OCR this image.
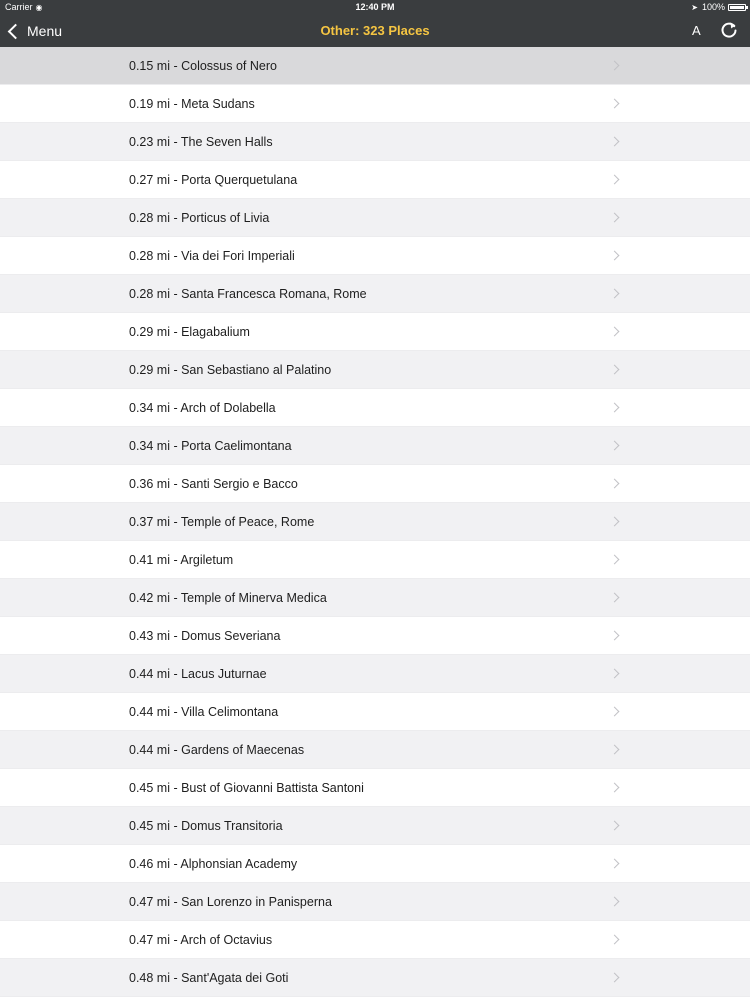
Carrier ◉	12:40 PM	➤ 100%
Menu	Other: 323 Places	A
0.15 mi - Colossus of Nero
0.19 mi - Meta Sudans
0.23 mi - The Seven Halls
0.27 mi - Porta Querquetulana
0.28 mi - Porticus of Livia
0.28 mi - Via dei Fori Imperiali
0.28 mi - Santa Francesca Romana, Rome
0.29 mi - Elagabalium
0.29 mi - San Sebastiano al Palatino
0.34 mi - Arch of Dolabella
0.34 mi - Porta Caelimontana
0.36 mi - Santi Sergio e Bacco
0.37 mi - Temple of Peace, Rome
0.41 mi - Argiletum
0.42 mi - Temple of Minerva Medica
0.43 mi - Domus Severiana
0.44 mi - Lacus Juturnae
0.44 mi - Villa Celimontana
0.44 mi - Gardens of Maecenas
0.45 mi - Bust of Giovanni Battista Santoni
0.45 mi - Domus Transitoria
0.46 mi - Alphonsian Academy
0.47 mi - San Lorenzo in Panisperna
0.47 mi - Arch of Octavius
0.48 mi - Sant'Agata dei Goti
